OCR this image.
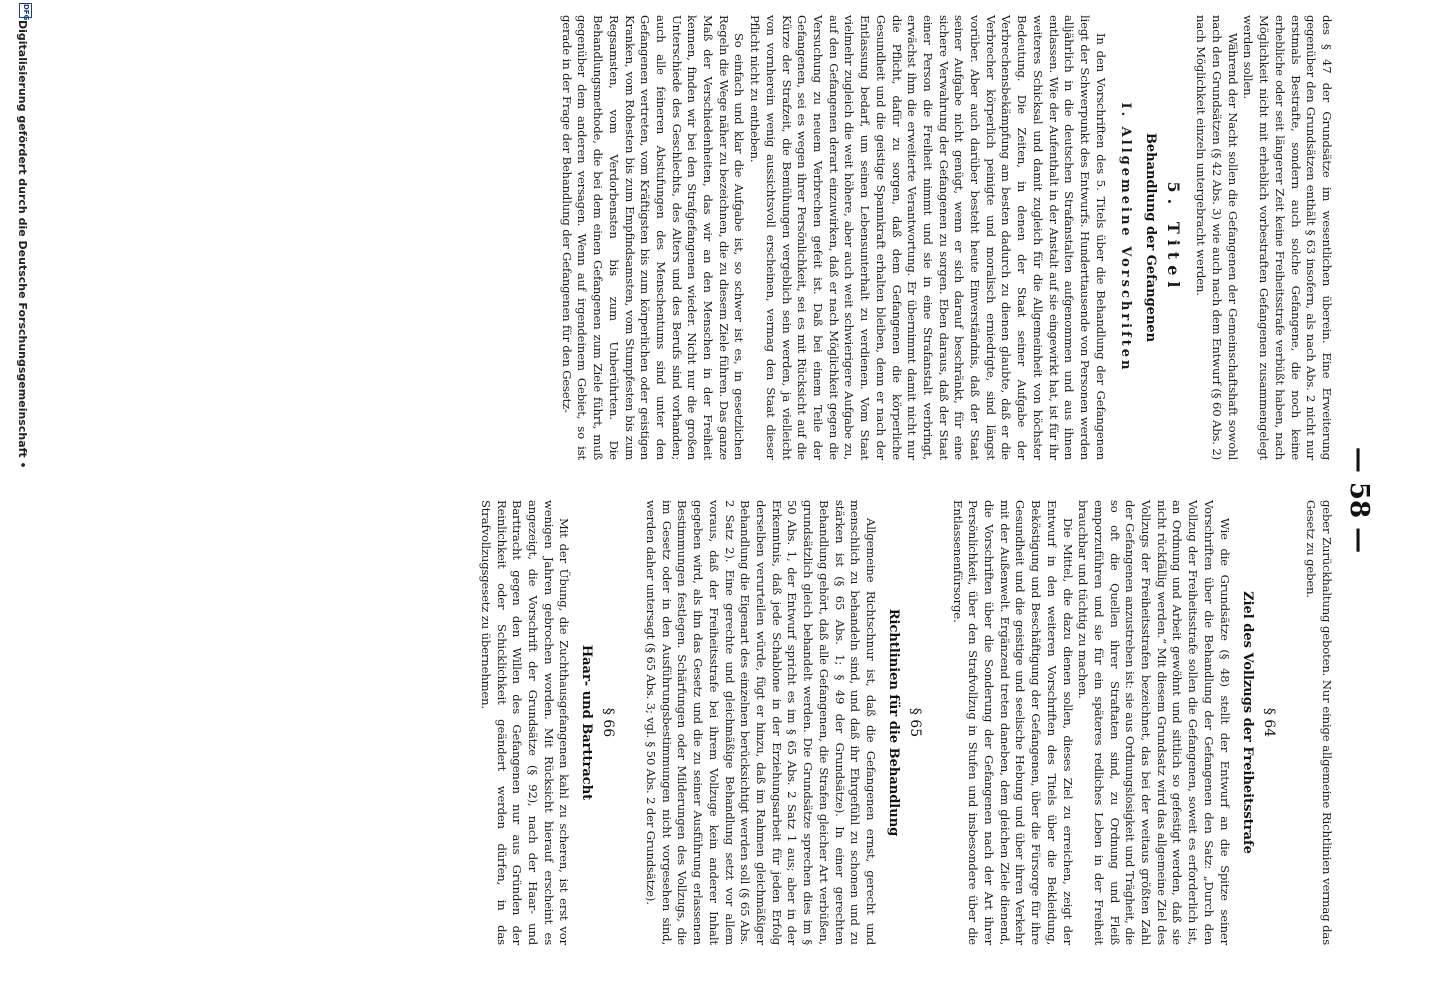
DFG
Digitalisierung gefördert durch die Deutsche Forschungsgemeinschaft •
— 58 —

geber Zurückhaltung geboten. Nur einige allgemeine Richtlinien vermag das Gesetz zu geben.

§ 64
Ziel des Vollzugs der Freiheitsstrafe

Wie die Grundsätze (§ 48) stellt der Entwurf an die Spitze seiner Vorschriften über die Behandlung der Gefangenen den Satz: „Durch den Vollzug der Freiheitsstrafe sollen die Gefangenen, soweit es erforderlich ist, an Ordnung und Arbeit gewöhnt und sittlich so gefestigt werden, daß sie nicht rückfällig werden.“ Mit diesem Grundsatz wird das allgemeine Ziel des Vollzugs der Freiheitsstrafen bezeichnet, das bei der weitaus größten Zahl der Gefangenen anzustreben ist: sie aus Ordnungslosigkeit und Trägheit, die so oft die Quellen ihrer Straftaten sind, zu Ordnung und Fleiß emporzuführen und sie für ein späteres redliches Leben in der Freiheit brauchbar und tüchtig zu machen.

Die Mittel, die dazu dienen sollen, dieses Ziel zu erreichen, zeigt der Entwurf in den weiteren Vorschriften des Titels über die Bekleidung, Beköstigung und Beschäftigung der Gefangenen, über die Fürsorge für ihre Gesundheit und die geistige und seelische Hebung und über ihren Verkehr mit der Außenwelt. Ergänzend treten daneben, dem gleichen Ziele dienend, die Vorschriften über die Sonderung der Gefangenen nach der Art ihrer Persönlichkeit, über den Strafvollzug in Stufen und insbesondere über die Entlassenenfürsorge.

§ 65
Richtlinien für die Behandlung

Allgemeine Richtschnur ist, daß die Gefangenen ernst, gerecht und menschlich zu behandeln sind, und daß ihr Ehrgefühl zu schonen und zu stärken ist (§ 65 Abs. 1; § 49 der Grundsätze). In einer gerechten Behandlung gehört, daß alle Gefangenen, die Strafen gleicher Art verbüßen, grundsätzlich gleich behandelt werden. Die Grundsätze sprechen dies im § 50 Abs. 1, der Entwurf spricht es im § 65 Abs. 2 Satz 1 aus; aber in der Erkenntnis, daß jede Schablone in der Erziehungsarbeit für jeden Erfolg derselben verurteilen würde, fügt er hinzu, daß im Rahmen gleichmäßiger Behandlung die Eigenart des einzelnen berücksichtigt werden soll (§ 65 Abs. 2 Satz 2). Eine gerechte und gleichmäßige Behandlung setzt vor allem voraus, daß der Freiheitsstrafe bei ihrem Vollzuge kein anderer Inhalt gegeben wird, als ihn das Gesetz und die zu seiner Ausführung erlassenen Bestimmungen festlegen. Schärfungen oder Milderungen des Vollzugs, die im Gesetz oder in den Ausführungsbestimmungen nicht vorgesehen sind, werden daher untersagt (§ 65 Abs. 3; vgl. § 50 Abs. 2 der Grundsätze).

§ 66
Haar- und Barttracht

Mit der Übung, die Zuchthausgefangenen kahl zu scheren, ist erst vor wenigen Jahren gebrochen worden. Mit Rücksicht hierauf erscheint es angezeigt, die Vorschrift der Grundsätze (§ 92), nach der Haar- und Barttracht gegen den Willen des Gefangenen nur aus Gründen der Reinlichkeit oder Schicklichkeit geändert werden dürfen, in das Strafvollzugsgesetz zu übernehmen.

des § 47 der Grundsätze im wesentlichen überein. Eine Erweiterung gegenüber den Grundsätzen enthält § 63 insofern, als nach Abs. 2 nicht nur erstmals Bestrafte, sondern auch solche Gefangene, die noch keine erhebliche oder seit längerer Zeit keine Freiheitsstrafe verbüßt haben, nach Möglichkeit nicht mit erheblich vorbestraften Gefangenen zusammengelegt werden sollen.

Während der Nacht sollen die Gefangenen der Gemeinschaftshaft sowohl nach den Grundsätzen (§ 42 Abs. 3) wie auch nach dem Entwurf (§ 60 Abs. 2) nach Möglichkeit einzeln untergebracht werden.

5. Titel
Behandlung der Gefangenen
I. Allgemeine Vorschriften

In den Vorschriften des 5. Titels über die Behandlung der Gefangenen liegt der Schwerpunkt des Entwurfs. Hunderttausende von Personen werden alljährlich in die deutschen Strafanstalten aufgenommen und aus ihnen entlassen. Wie der Aufenthalt in der Anstalt auf sie eingewirkt hat, ist für ihr weiteres Schicksal und damit zugleich für die Allgemeinheit von höchster Bedeutung. Die Zeiten, in denen der Staat seiner Aufgabe der Verbrechensbekämpfung am besten dadurch zu dienen glaubte, daß er die Verbrecher körperlich peinigte und moralisch erniedrigte, sind längst vorüber. Aber auch darüber besteht heute Einverständnis, daß der Staat seiner Aufgabe nicht genügt, wenn er sich darauf beschränkt, für eine sichere Verwahrung der Gefangenen zu sorgen. Eben daraus, daß der Staat einer Person die Freiheit nimmt und sie in eine Strafanstalt verbringt, erwächst ihm die erweiterte Verantwortung. Er übernimmt damit nicht nur die Pflicht, dafür zu sorgen, daß dem Gefangenen die körperliche Gesundheit und die geistige Spannkraft erhalten bleiben, denn er nach der Entlassung bedarf, um seinen Lebensunterhalt zu verdienen. Vom Staat vielmehr zugleich die weit höhere, aber auch weit schwierigere Aufgabe zu, auf den Gefangenen derart einzuwirken, daß er nach Möglichkeit gegen die Versuchung zu neuem Verbrechen gefeit ist. Daß bei einem Teile der Gefangenen, sei es wegen ihrer Persönlichkeit, sei es mit Rücksicht auf die Kürze der Strafzeit, die Bemühungen vergeblich sein werden, ja vielleicht von vornherein wenig aussichtsvoll erscheinen, vermag den Staat dieser Pflicht nicht zu entheben.

So einfach und klar die Aufgabe ist, so schwer ist es, in gesetzlichen Regeln die Wege näher zu bezeichnen, die zu diesem Ziele führen. Das ganze Maß der Verschiedenheiten, das wir an den Menschen in der Freiheit kennen, finden wir bei den Strafgefangenen wieder. Nicht nur die großen Unterschiede des Geschlechts, des Alters und des Berufs sind vorhanden; auch alle feineren Abstufungen des Menschentums sind unter den Gefangenen vertreten, vom Kräftigsten bis zum körperlichen oder geistigen Kranken, vom Rohesten bis zum Empfindsamsten, vom Stumpfesten bis zum Regsamsten, vom Verdorbensten bis zum Unberührten. Die Behandlungsmethode, die bei dem einen Gefangenen zum Ziele führt, muß gegenüber dem anderen versagen. Wenn auf irgendeinem Gebiet, so ist gerade in der Frage der Behandlung der Gefangenen für den Gesetz-
